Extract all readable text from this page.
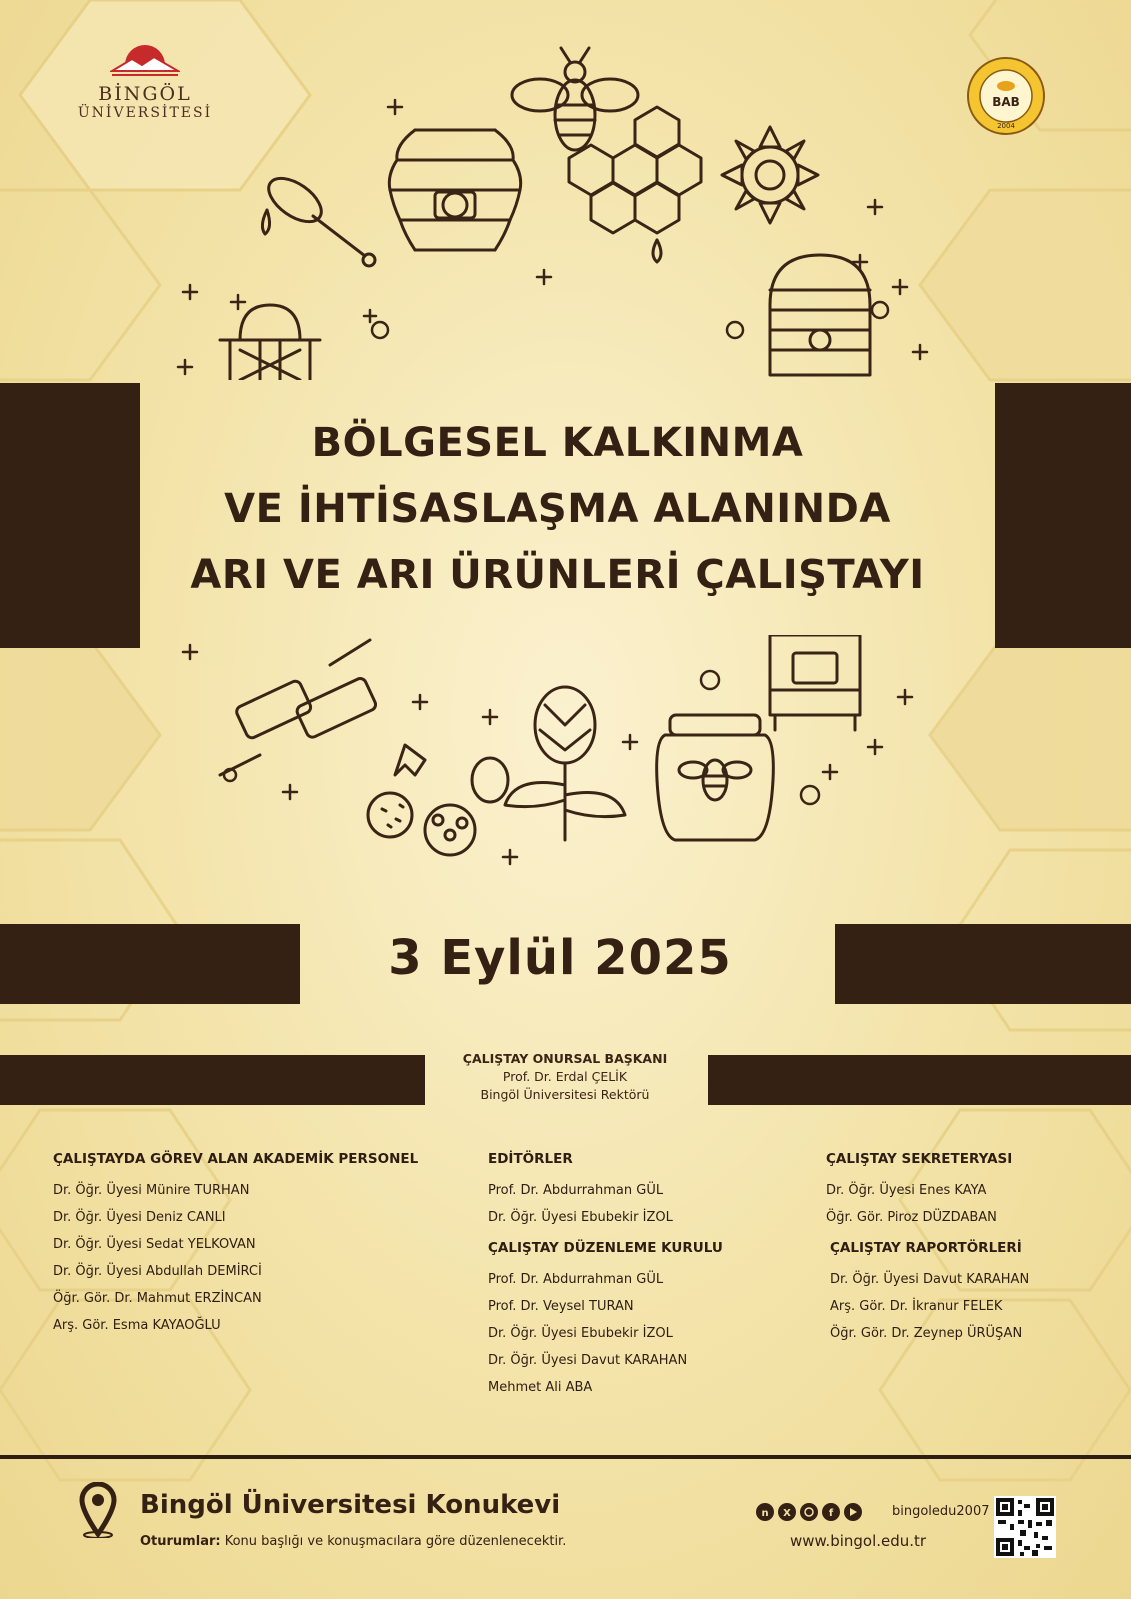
BİNGÖL
ÜNİVERSİTESİ
BAB
2004
BÖLGESEL KALKINMA
VE İHTİSASLAŞMA ALANINDA
ARI VE ARI ÜRÜNLERİ ÇALIŞTAYI
3 Eylül 2025
ÇALIŞTAY ONURSAL BAŞKANI
Prof. Dr. Erdal ÇELİK
Bingöl Üniversitesi Rektörü
ÇALIŞTAYDA GÖREV ALAN AKADEMİK PERSONEL
Dr. Öğr. Üyesi Münire TURHAN
Dr. Öğr. Üyesi Deniz CANLI
Dr. Öğr. Üyesi Sedat YELKOVAN
Dr. Öğr. Üyesi Abdullah DEMİRCİ
Öğr. Gör. Dr. Mahmut ERZİNCAN
Arş. Gör. Esma KAYAOĞLU
EDİTÖRLER
Prof. Dr. Abdurrahman GÜL
Dr. Öğr. Üyesi Ebubekir İZOL
ÇALIŞTAY DÜZENLEME KURULU
Prof. Dr. Abdurrahman GÜL
Prof. Dr. Veysel TURAN
Dr. Öğr. Üyesi Ebubekir İZOL
Dr. Öğr. Üyesi Davut KARAHAN
Mehmet Ali ABA
ÇALIŞTAY SEKRETERYASI
Dr. Öğr. Üyesi Enes KAYA
Öğr. Gör. Piroz DÜZDABAN
ÇALIŞTAY RAPORTÖRLERİ
Dr. Öğr. Üyesi Davut KARAHAN
Arş. Gör. Dr. İkranur FELEK
Öğr. Gör. Dr. Zeynep ÜRÜŞAN
Bingöl Üniversitesi Konukevi
Oturumlar: Konu başlığı ve konuşmacılara göre düzenlenecektir.
n X	f	bingoledu2007
www.bingol.edu.tr
